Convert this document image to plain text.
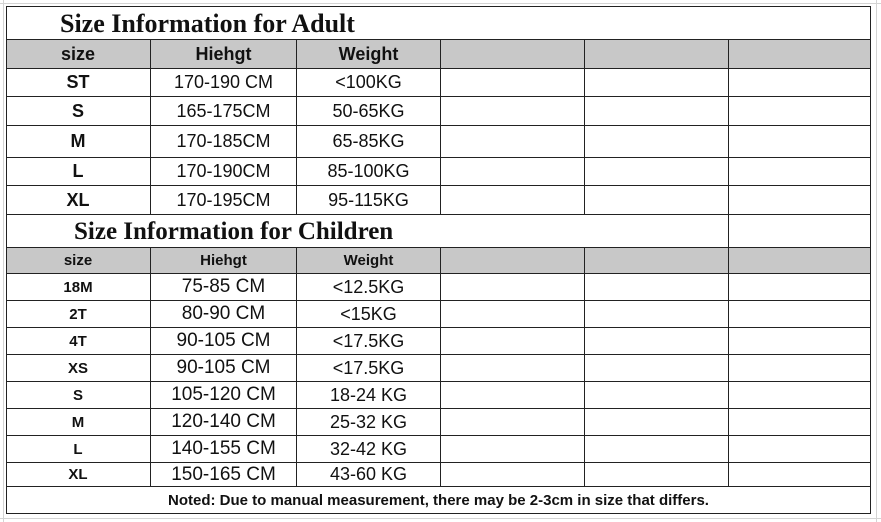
Size Information for Adult
size	Hiehgt	Weight
ST	170-190 CM	<100KG
S	165-175CM	50-65KG
M	170-185CM	65-85KG
L	170-190CM	85-100KG
XL	170-195CM	95-115KG
Size Information for Children
size	Hiehgt	Weight
18M	75-85 CM	<12.5KG
2T	80-90 CM	<15KG
4T	90-105 CM	<17.5KG
XS	90-105 CM	<17.5KG
S	105-120 CM	18-24 KG
M	120-140 CM	25-32 KG
L	140-155 CM	32-42 KG
XL	150-165 CM	43-60 KG
Noted: Due to manual measurement, there may be 2-3cm in size that differs.
